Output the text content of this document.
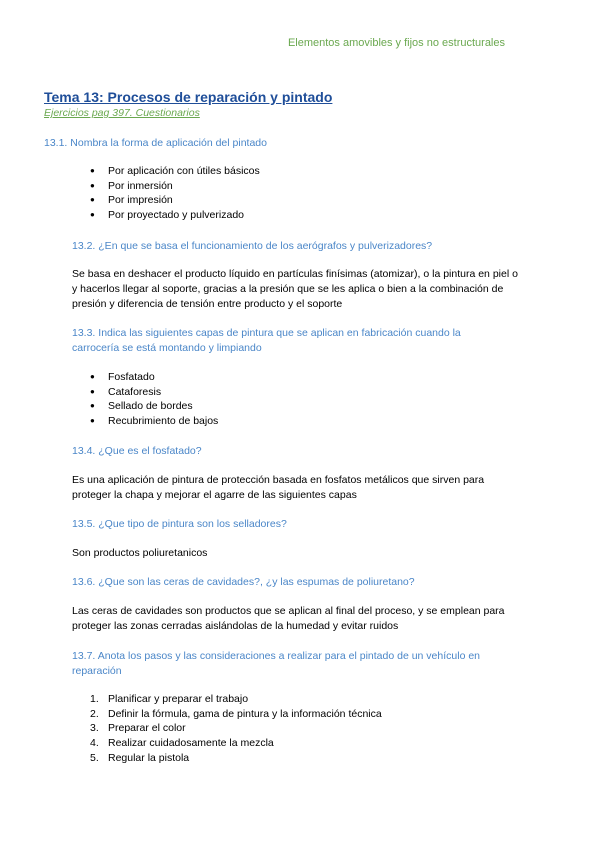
Elementos amovibles y fijos no estructurales
Tema 13: Procesos de reparación y pintado
Ejercicios pag 397. Cuestionarios
13.1. Nombra la forma de aplicación del pintado
● Por aplicación con útiles básicos
● Por inmersión
● Por impresión
● Por proyectado y pulverizado
13.2. ¿En que se basa el funcionamiento de los aerógrafos y pulverizadores?
Se basa en deshacer el producto líquido en partículas finísimas (atomizar), o la pintura en piel o y hacerlos llegar al soporte, gracias a la presión que se les aplica o bien a la combinación de presión y diferencia de tensión entre producto y el soporte
13.3. Indica las siguientes capas de pintura que se aplican en fabricación cuando la carrocería se está montando y limpiando
● Fosfatado
● Cataforesis
● Sellado de bordes
● Recubrimiento de bajos
13.4. ¿Que es el fosfatado?
Es una aplicación de pintura de protección basada en fosfatos metálicos que sirven para proteger la chapa y mejorar el agarre de las siguientes capas
13.5. ¿Que tipo de pintura son los selladores?
Son productos poliuretanicos
13.6. ¿Que son las ceras de cavidades?, ¿y las espumas de poliuretano?
Las ceras de cavidades son productos que se aplican al final del proceso, y se emplean para proteger las zonas cerradas aislándolas de la humedad y evitar ruidos
13.7. Anota los pasos y las consideraciones a realizar para el pintado de un vehículo en reparación
1. Planificar y preparar el trabajo
2. Definir la fórmula, gama de pintura y la información técnica
3. Preparar el color
4. Realizar cuidadosamente la mezcla
5. Regular la pistola
